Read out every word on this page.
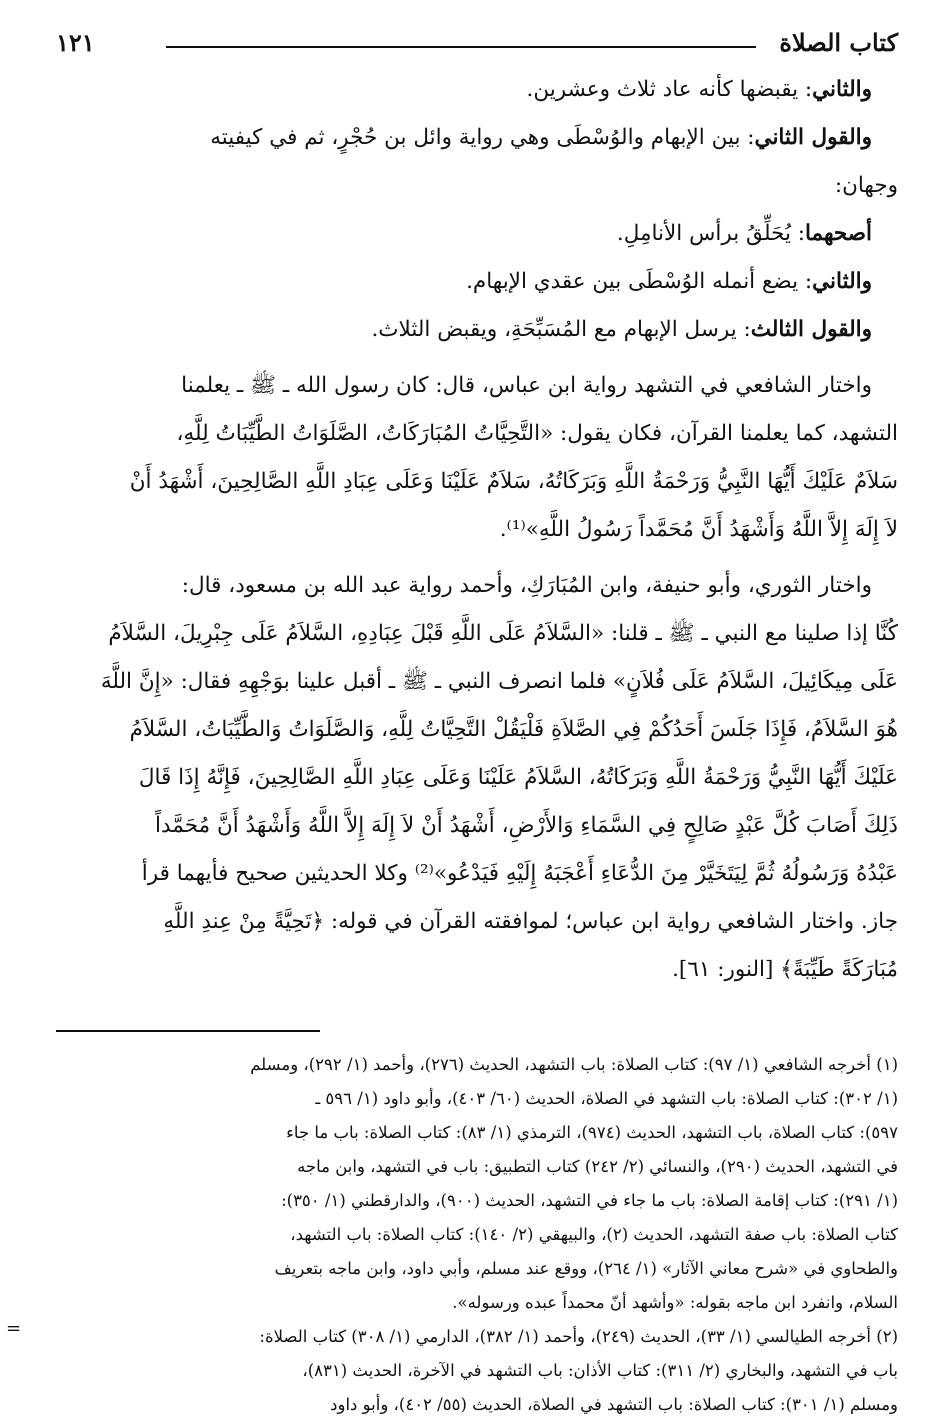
كتاب الصلاة
١٢١

والثاني: يقبضها كأنه عاد ثلاث وعشرين.

والقول الثاني: بين الإبهام والوُسْطَى وهي رواية وائل بن حُجْرٍ، ثم في كيفيته

وجهان:

أصحهما: يُحَلِّقُ برأس الأنامِلِ.

والثاني: يضع أنمله الوُسْطَى بين عقدي الإبهام.

والقول الثالث: يرسل الإبهام مع المُسَبِّحَةِ، ويقبض الثلاث.

واختار الشافعي في التشهد رواية ابن عباس، قال: كان رسول الله ـ ﷺ ـ يعلمنا

التشهد، كما يعلمنا القرآن، فكان يقول: «التَّحِيَّاتُ المُبَارَكَاتُ، الصَّلَوَاتُ الطَّيِّبَاتُ لِلَّهِ،

سَلاَمٌ عَلَيْكَ أَيُّهَا النَّبِيُّ وَرَحْمَةُ اللَّهِ وَبَرَكَاتُهُ، سَلاَمٌ عَلَيْنَا وَعَلَى عِبَادِ اللَّهِ الصَّالِحِينَ، أَشْهَدُ أَنْ

لاَ إِلَهَ إِلاَّ اللَّهُ وَأَشْهَدُ أَنَّ مُحَمَّداً رَسُولُ اللَّهِ»⁽¹⁾.

واختار الثوري، وأبو حنيفة، وابن المُبَارَكِ، وأحمد رواية عبد الله بن مسعود، قال:

كُنَّا إذا صلينا مع النبي ـ ﷺ ـ قلنا: «السَّلاَمُ عَلَى اللَّهِ قَبْلَ عِبَادِهِ، السَّلاَمُ عَلَى جِبْرِيلَ، السَّلاَمُ

عَلَى مِيكَائِيلَ، السَّلاَمُ عَلَى فُلاَنٍ» فلما انصرف النبي ـ ﷺ ـ أقبل علينا بوَجْهِهِ فقال: «إِنَّ اللَّهَ

هُوَ السَّلاَمُ، فَإِذَا جَلَسَ أَحَدُكُمْ فِي الصَّلاَةِ فَلْيَقُلْ التَّحِيَّاتُ لِلَّهِ، وَالصَّلَوَاتُ وَالطَّيِّبَاتُ، السَّلاَمُ

عَلَيْكَ أَيُّهَا النَّبِيُّ وَرَحْمَةُ اللَّهِ وَبَرَكَاتُهُ، السَّلاَمُ عَلَيْنَا وَعَلَى عِبَادِ اللَّهِ الصَّالِحِينَ، فَإِنَّهُ إِذَا قَالَ

ذَلِكَ أَصَابَ كُلَّ عَبْدٍ صَالِحٍ فِي السَّمَاءِ وَالأَرْضِ، أَشْهَدُ أَنْ لاَ إِلَهَ إِلاَّ اللَّهُ وَأَشْهَدُ أَنَّ مُحَمَّداً

عَبْدُهُ وَرَسُولُهُ ثُمَّ لِيَتَخَيَّرْ مِنَ الدُّعَاءِ أَعْجَبَهُ إِلَيْهِ فَيَدْعُو»⁽²⁾ وكلا الحديثين صحيح فأيهما قرأ

جاز. واختار الشافعي رواية ابن عباس؛ لموافقته القرآن في قوله: ﴿تَحِيَّةً مِنْ عِندِ اللَّهِ

مُبَارَكَةً طَيِّبَةً﴾ [النور: ٦١].

(١) أخرجه الشافعي (١/ ٩٧): كتاب الصلاة: باب التشهد، الحديث (٢٧٦)، وأحمد (١/ ٢٩٢)، ومسلم

(١/ ٣٠٢): كتاب الصلاة: باب التشهد في الصلاة، الحديث (٦٠/ ٤٠٣)، وأبو داود (١/ ٥٩٦ ـ

٥٩٧): كتاب الصلاة، باب التشهد، الحديث (٩٧٤)، الترمذي (١/ ٨٣): كتاب الصلاة: باب ما جاء

في التشهد، الحديث (٢٩٠)، والنسائي (٢/ ٢٤٢) كتاب التطبيق: باب في التشهد، وابن ماجه

(١/ ٢٩١): كتاب إقامة الصلاة: باب ما جاء في التشهد، الحديث (٩٠٠)، والدارقطني (١/ ٣٥٠):

كتاب الصلاة: باب صفة التشهد، الحديث (٢)، والبيهقي (٢/ ١٤٠): كتاب الصلاة: باب التشهد،

والطحاوي في «شرح معاني الآثار» (١/ ٢٦٤)، ووقع عند مسلم، وأبي داود، وابن ماجه بتعريف

السلام، وانفرد ابن ماجه بقوله: «وأشهد أنّ محمداً عبده ورسوله».

(٢) أخرجه الطيالسي (١/ ٣٣)، الحديث (٢٤٩)، وأحمد (١/ ٣٨٢)، الدارمي (١/ ٣٠٨) كتاب الصلاة:

باب في التشهد، والبخاري (٢/ ٣١١): كتاب الأذان: باب التشهد في الآخرة، الحديث (٨٣١)،

ومسلم (١/ ٣٠١): كتاب الصلاة: باب التشهد في الصلاة، الحديث (٥٥/ ٤٠٢)، وأبو داود

=
